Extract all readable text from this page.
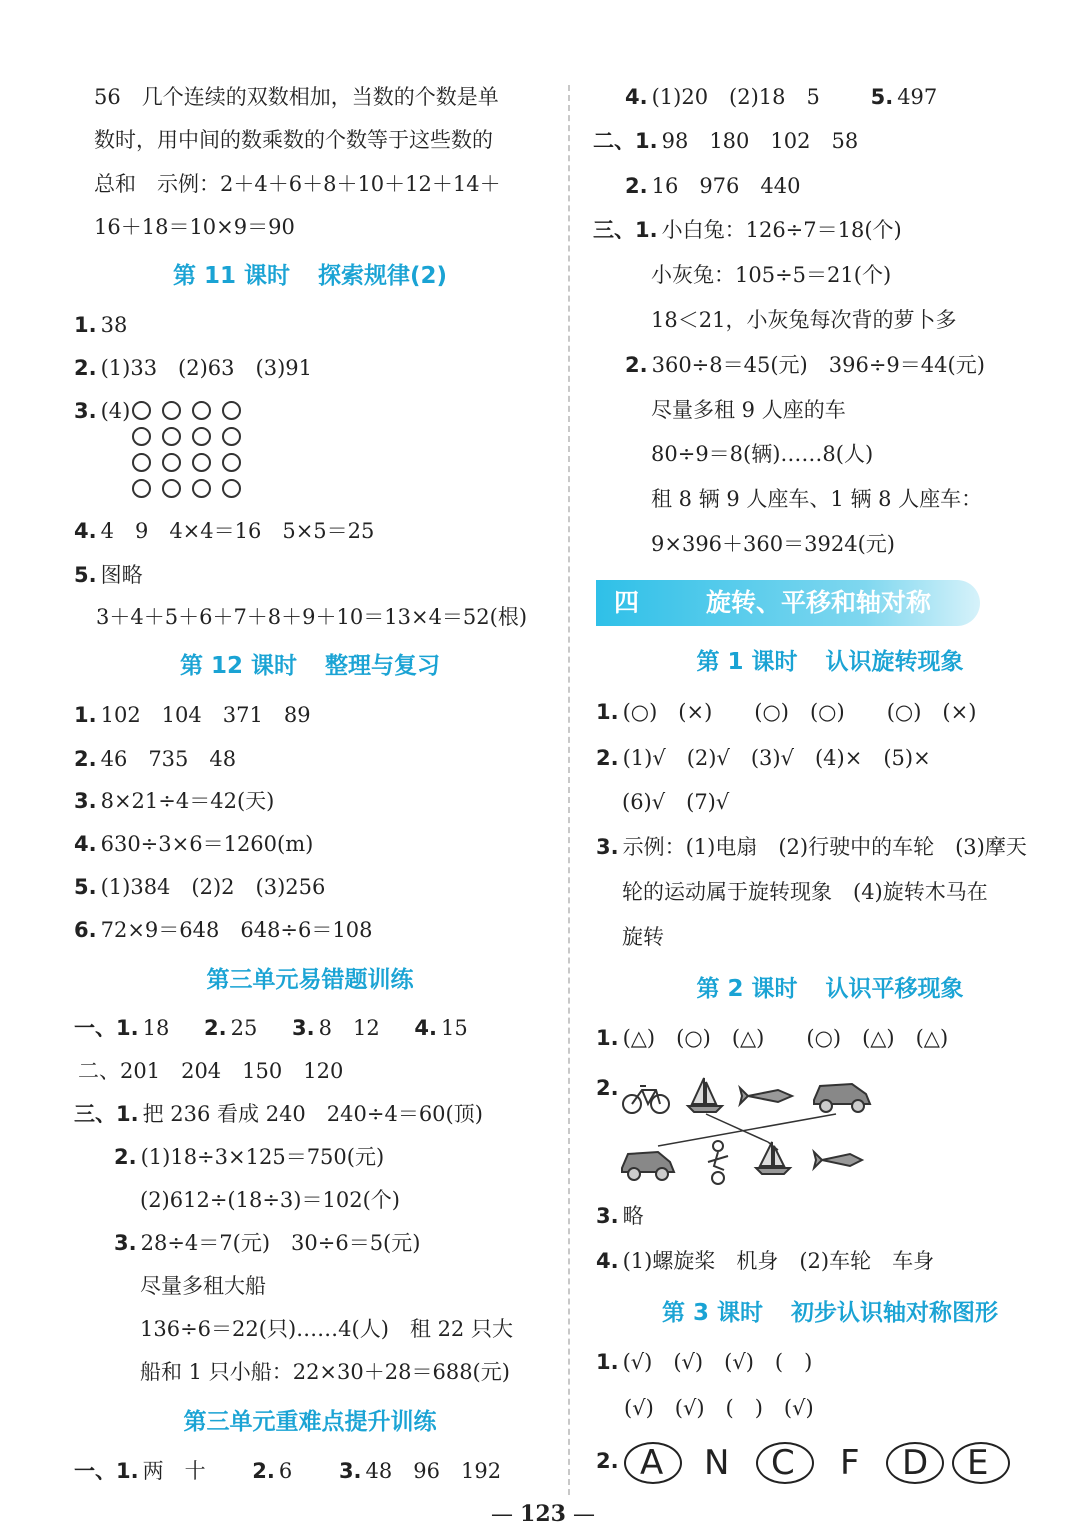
56　几个连续的双数相加，当数的个数是单
数时，用中间的数乘数的个数等于这些数的
总和　示例：2＋4＋6＋8＋10＋12＋14＋
16＋18＝10×9＝90
第 11 课时 探索规律(2)
1. 38
2. (1)33　(2)63　(3)91
3. (4)
4. 4　9　4×4＝16　5×5＝25
5. 图略
3＋4＋5＋6＋7＋8＋9＋10＝13×4＝52(根)
第 12 课时 整理与复习
1. 102　104　371　89
2. 46　735　48
3. 8×21÷4＝42(天)
4. 630÷3×6＝1260(m)
5. (1)384　(2)2　(3)256
6. 72×9＝648　648÷6＝108
第三单元易错题训练
一、1. 18 2. 25 3. 8　12 4. 15
二、201　204　150　120
三、1. 把 236 看成 240　240÷4＝60(顶)
2. (1)18÷3×125＝750(元)
(2)612÷(18÷3)＝102(个)
3. 28÷4＝7(元)　30÷6＝5(元)
尽量多租大船
136÷6＝22(只)……4(人)　租 22 只大
船和 1 只小船：22×30＋28＝688(元)
第三单元重难点提升训练
一、1. 两　十 2. 6 3. 48　96　192
4. (1)20　(2)18　5 5. 497
二、1. 98　180　102　58
2. 16　976　440
三、1. 小白兔：126÷7＝18(个)
小灰兔：105÷5＝21(个)
18＜21，小灰兔每次背的萝卜多
2. 360÷8＝45(元)　396÷9＝44(元)
尽量多租 9 人座的车
80÷9＝8(辆)……8(人)
租 8 辆 9 人座车、1 辆 8 人座车：
9×396＋360＝3924(元)
四	旋转、平移和轴对称
第 1 课时 认识旋转现象
1. (○)　(×)　　(○)　(○)　　(○)　(×)
2. (1)√　(2)√　(3)√　(4)×　(5)×
(6)√　(7)√
3. 示例：(1)电扇　(2)行驶中的车轮　(3)摩天
轮的运动属于旋转现象　(4)旋转木马在
旋转
第 2 课时 认识平移现象
1. (△)　(○)　(△)　　(○)　(△)　(△)
2.
3. 略
4. (1)螺旋桨　机身　(2)车轮　车身
第 3 课时 初步认识轴对称图形
1. (√)　(√)　(√)　(　)
(√)　(√)　(　)　(√)
2. A N C F D E
— 123 —
